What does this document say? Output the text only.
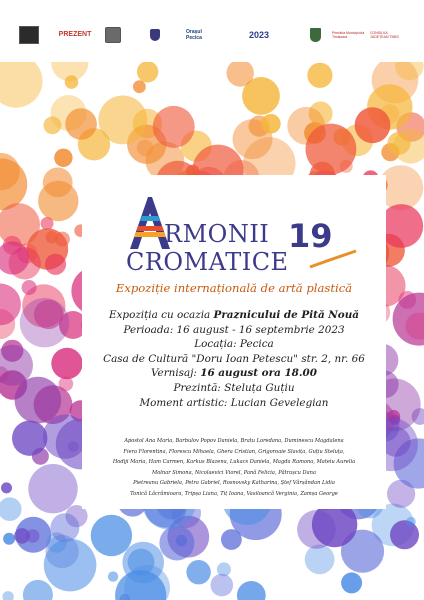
PREZENT	Orașul Pecica	2023	Primăria Municipiului Timișoara
CONSILIUL JUDEȚEAN TIMIȘ
RMONII
CROMATICE
19
Expoziție internațională de artă plastică
Expoziția cu ocazia Praznicului de Pită Nouă
Perioada: 16 august - 16 septembrie 2023
Locația: Pecica
Casa de Cultură "Doru Ioan Petescu" str. 2, nr. 66
Vernisaj: 16 august ora 18.00
Prezintă: Steluța Guțiu
Moment artistic: Lucian Gevelegian
Apostol Ana Maria, Barbulov Popov Daniela, Bratu Loredana, Duminescu Magdalena
Fiera Florentina, Florescu Mihaela, Ghera Cristian, Grigoroaie Slavița, Guțiu Steluța,
Hodiji Maria, Ham Carmen, Karkus Blazena, Lukacs Daniela, Magda Ramona, Mateiu Aurelia
Molnar Simona, Nicolaevici Viorel, Pană Felicia, Pătrașcu Dana
Pietreanu Gabriela, Petra Gabriel, Rosnovsky Katharina, Ștef Vărșăndan Lidia
Tonică Lăcrămioara, Tripșa Liana, Tiț Ioana, Vasiloancă Verginia, Zamșa George
